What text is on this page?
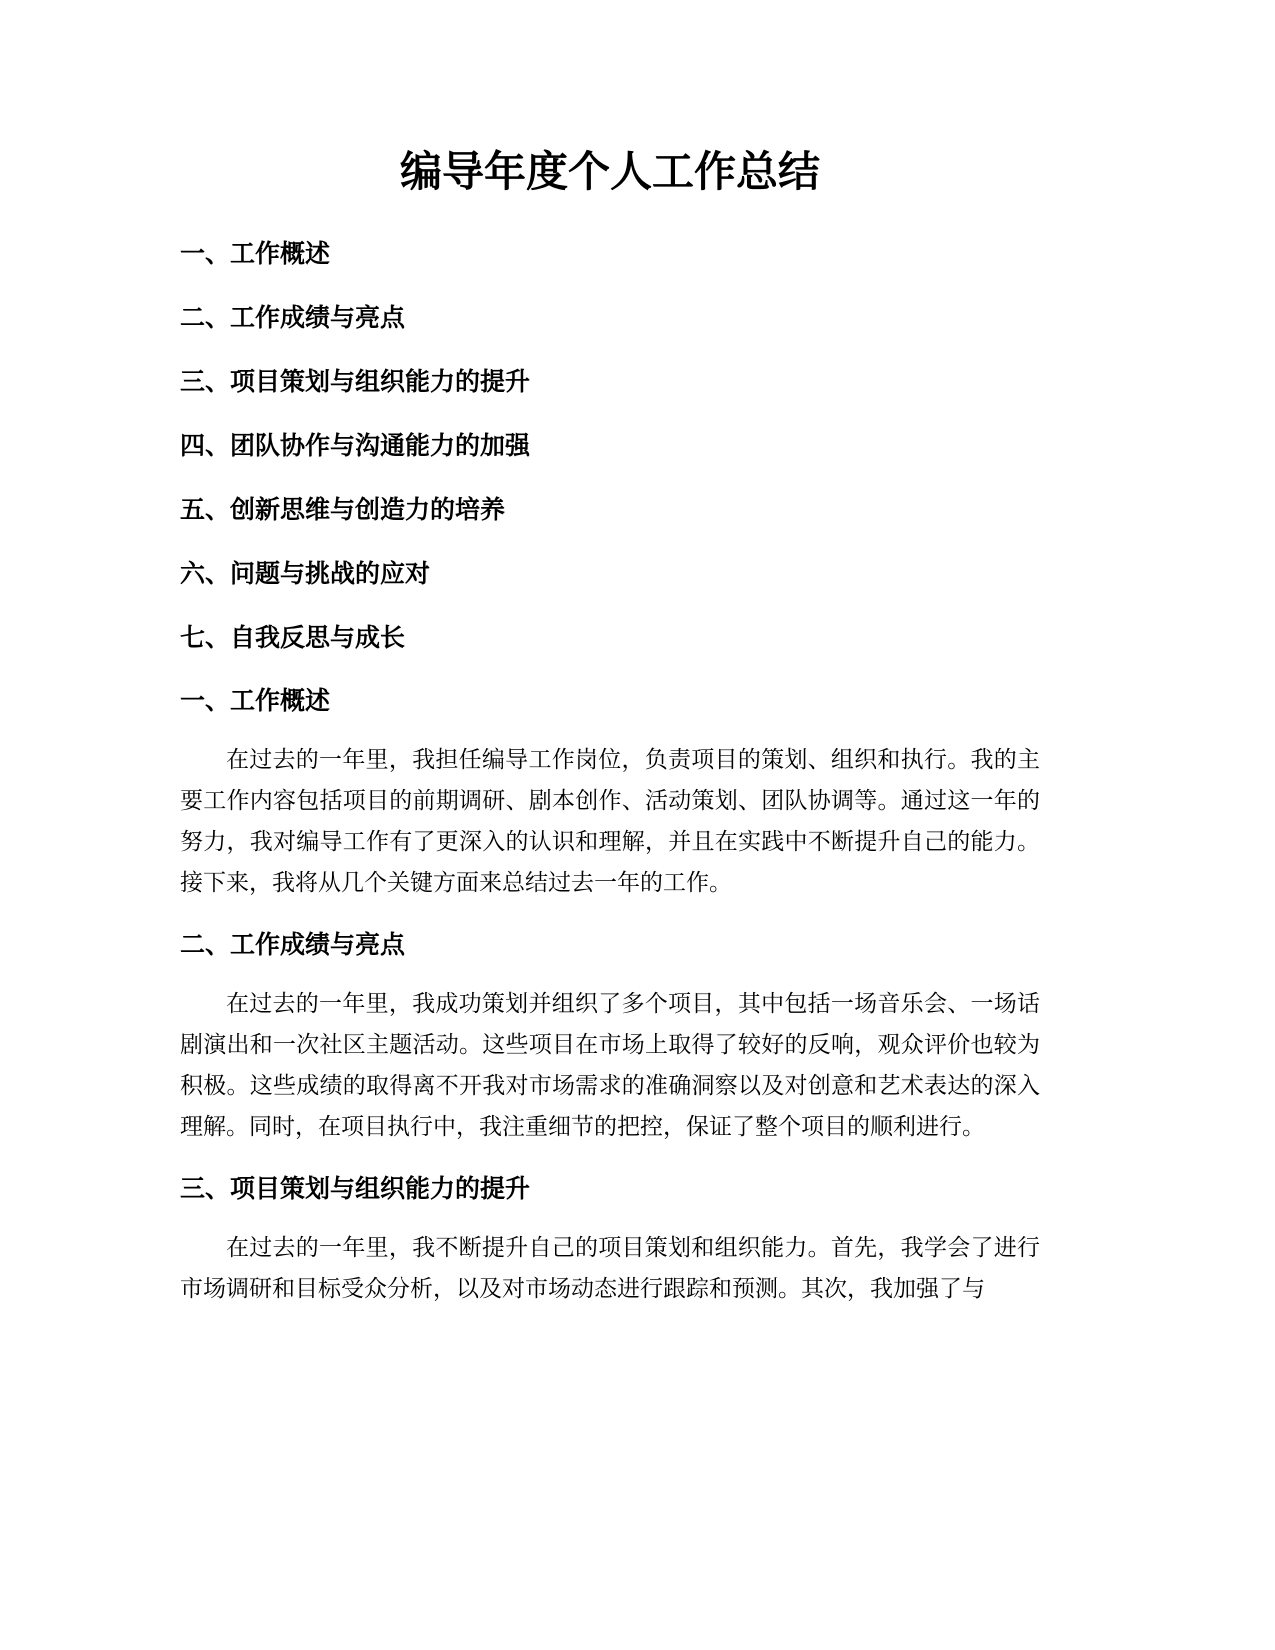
编导年度个人工作总结
一、工作概述
二、工作成绩与亮点
三、项目策划与组织能力的提升
四、团队协作与沟通能力的加强
五、创新思维与创造力的培养
六、问题与挑战的应对
七、自我反思与成长
一、工作概述

在过去的一年里，我担任编导工作岗位，负责项目的策划、组织和执行。我的主要工作内容包括项目的前期调研、剧本创作、活动策划、团队协调等。通过这一年的努力，我对编导工作有了更深入的认识和理解，并且在实践中不断提升自己的能力。接下来，我将从几个关键方面来总结过去一年的工作。

二、工作成绩与亮点

在过去的一年里，我成功策划并组织了多个项目，其中包括一场音乐会、一场话剧演出和一次社区主题活动。这些项目在市场上取得了较好的反响，观众评价也较为积极。这些成绩的取得离不开我对市场需求的准确洞察以及对创意和艺术表达的深入理解。同时，在项目执行中，我注重细节的把控，保证了整个项目的顺利进行。

三、项目策划与组织能力的提升

在过去的一年里，我不断提升自己的项目策划和组织能力。首先，我学会了进行市场调研和目标受众分析，以及对市场动态进行跟踪和预测。其次，我加强了与
